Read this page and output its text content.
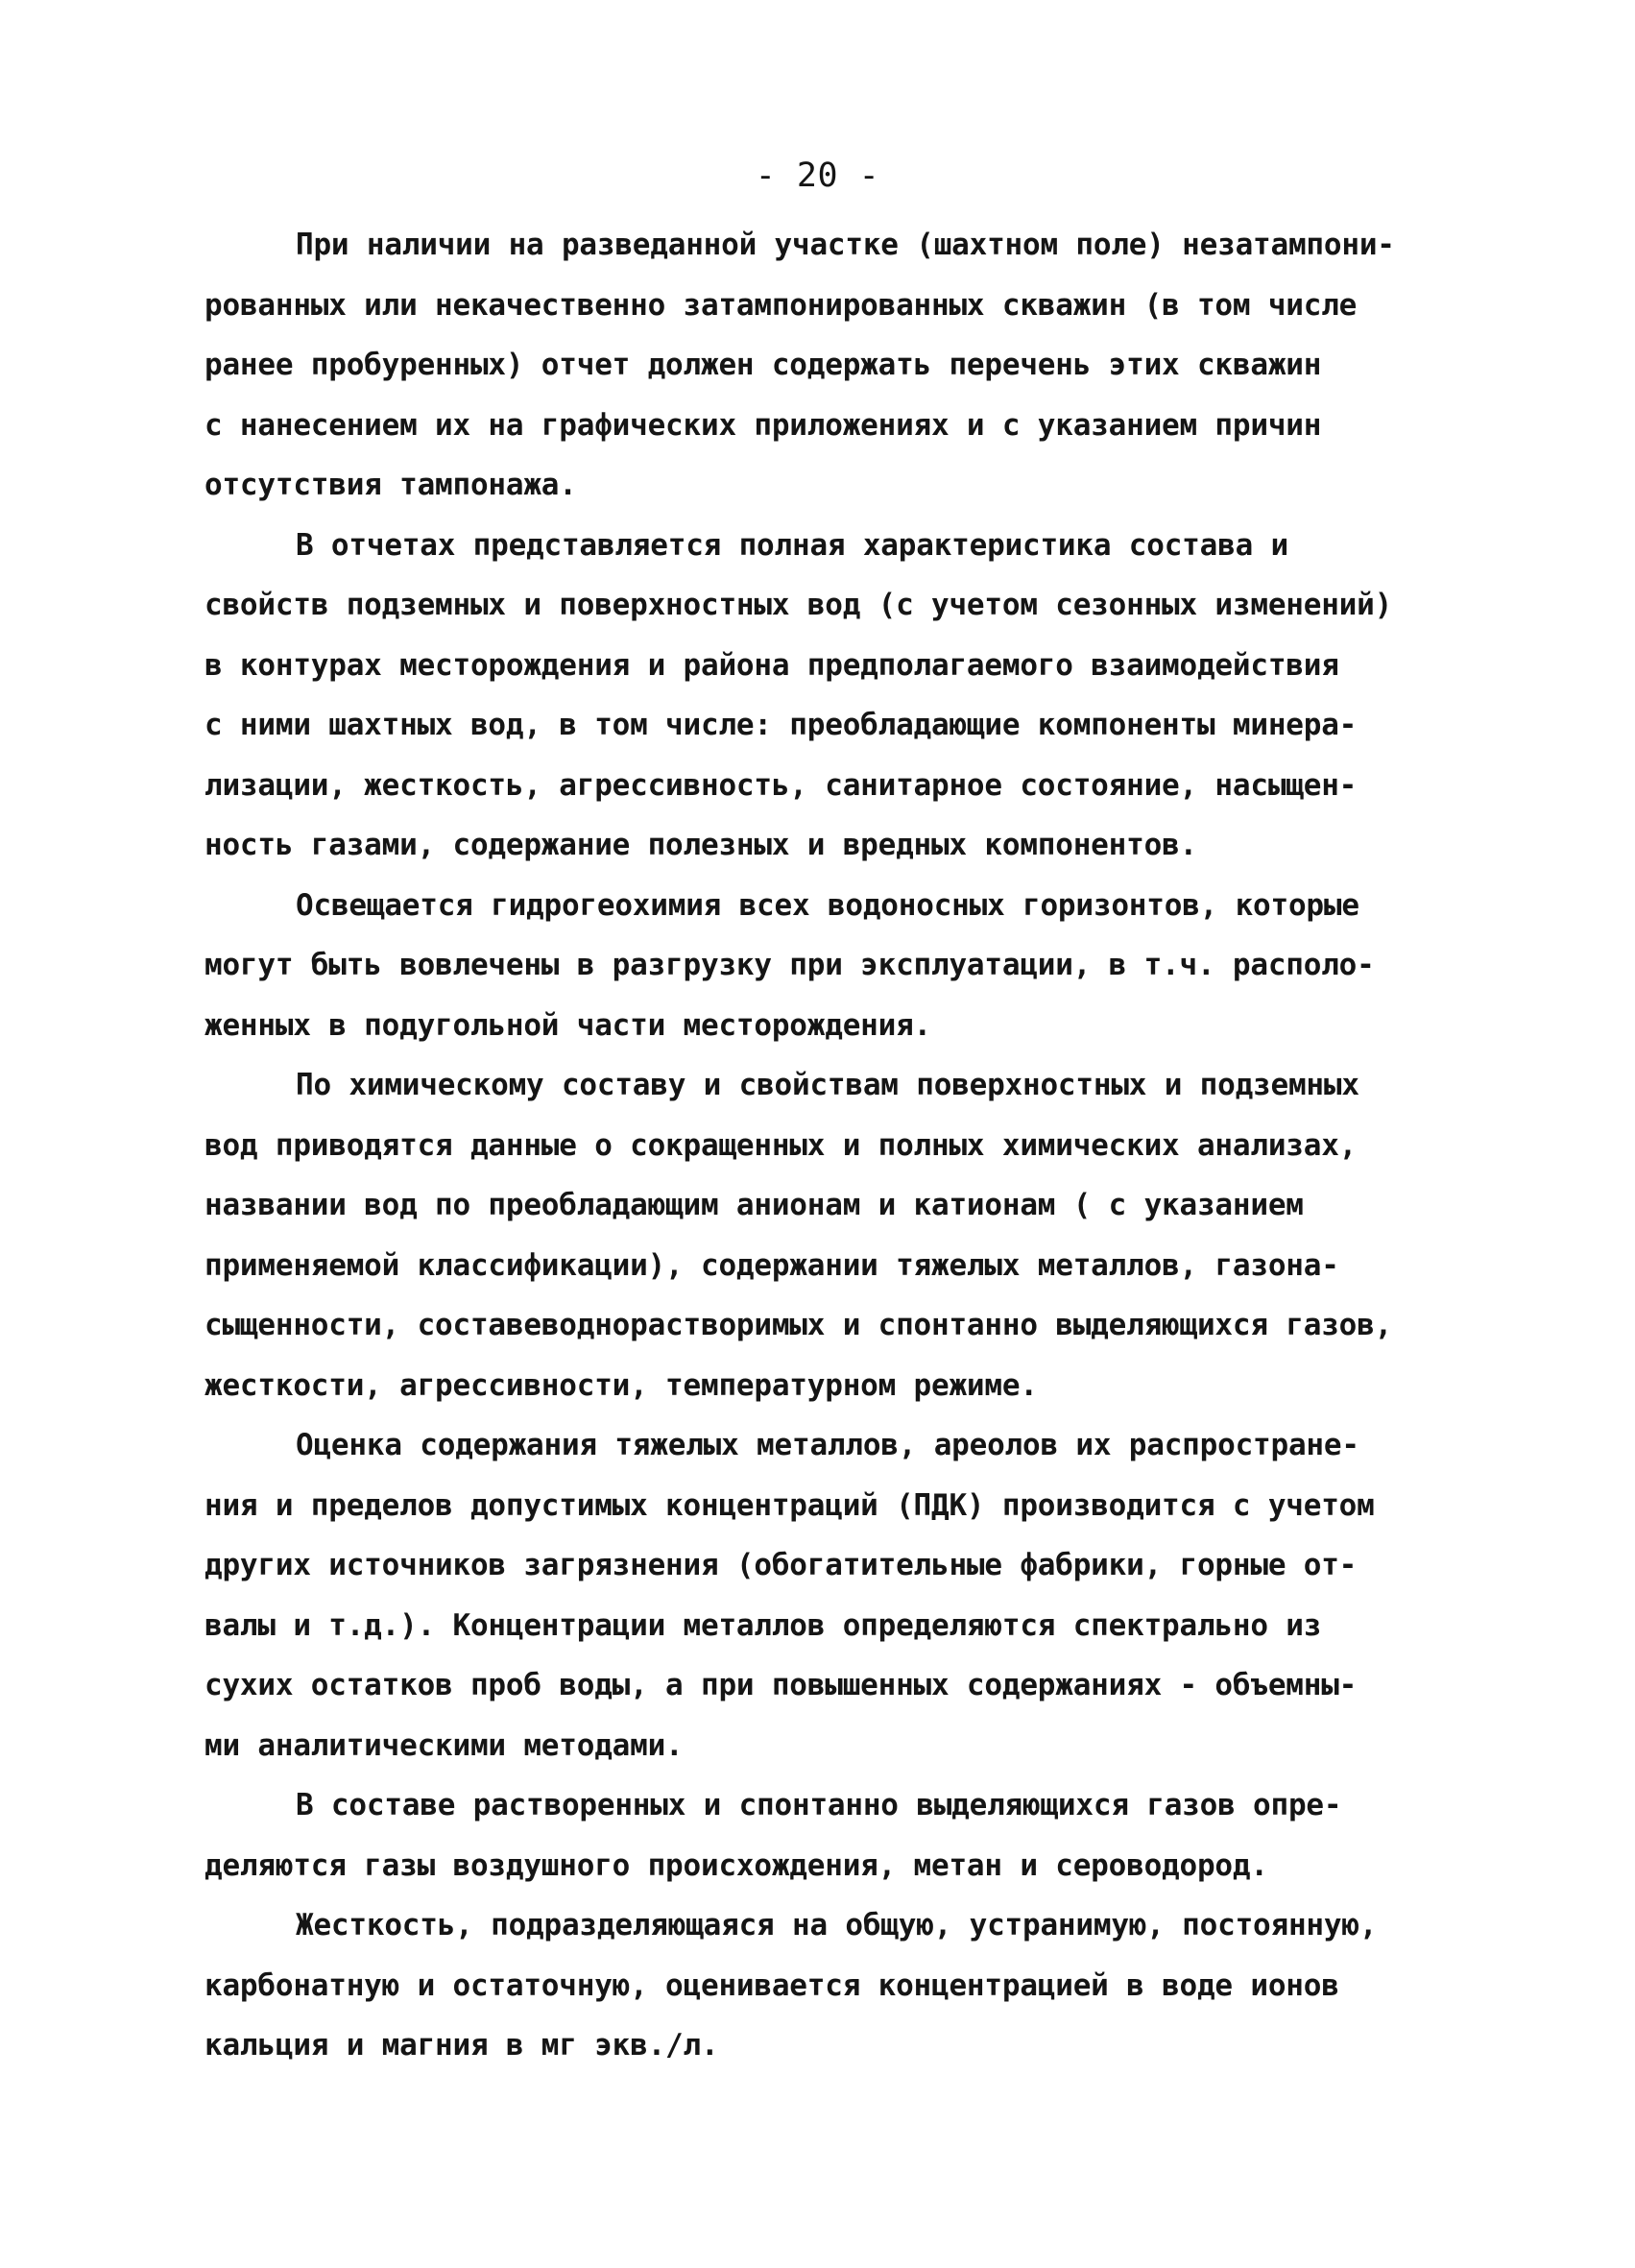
- 20 -
При наличии на разведанной участке (шахтном поле) незатампони-
рованных или некачественно затампонированных скважин (в том числе
ранее пробуренных) отчет должен содержать перечень этих скважин
с нанесением их на графических приложениях и с указанием причин
отсутствия тампонажа.
В отчетах представляется полная характеристика состава и
свойств подземных и поверхностных вод (с учетом сезонных изменений)
в контурах месторождения и района предполагаемого взаимодействия
с ними шахтных вод, в том числе: преобладающие компоненты минера-
лизации, жесткость, агрессивность, санитарное состояние, насыщен-
ность газами, содержание полезных и вредных компонентов.
Освещается гидрогеохимия всех водоносных горизонтов, которые
могут быть вовлечены в разгрузку при эксплуатации, в т.ч. располо-
женных в подугольной части месторождения.
По химическому составу и свойствам поверхностных и подземных
вод приводятся данные о сокращенных и полных химических анализах,
названии вод по преобладающим анионам и катионам ( с указанием
применяемой классификации), содержании тяжелых металлов, газона-
сыщенности, составеводнорастворимых и спонтанно выделяющихся газов,
жесткости, агрессивности, температурном режиме.
Оценка содержания тяжелых металлов, ареолов их распростране-
ния и пределов допустимых концентраций (ПДК) производится с учетом
других источников загрязнения (обогатительные фабрики, горные от-
валы и т.д.). Концентрации металлов определяются спектрально из
сухих остатков проб воды, а при повышенных содержаниях - объемны-
ми аналитическими методами.
В составе растворенных и спонтанно выделяющихся газов опре-
деляются газы воздушного происхождения, метан и сероводород.
Жесткость, подразделяющаяся на общую, устранимую, постоянную,
карбонатную и остаточную, оценивается концентрацией в воде ионов
кальция и магния в мг экв./л.
